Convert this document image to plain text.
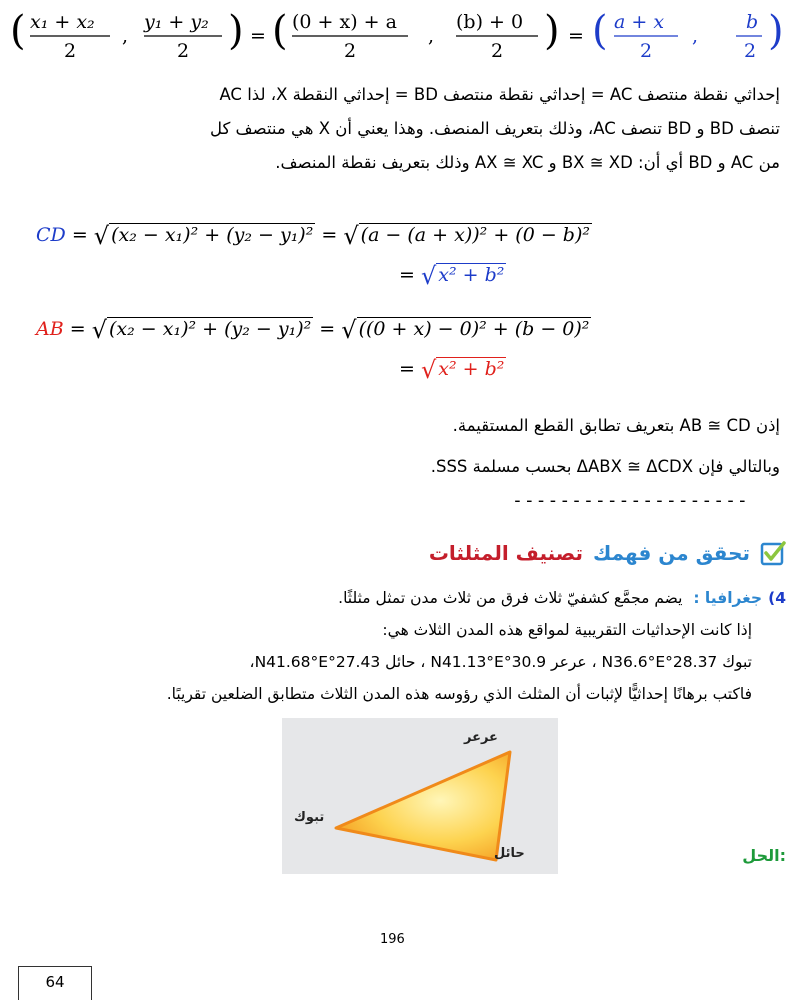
( x₁ + x₂
2
,
y₁ + y₂
2 ) = ( (0 + x) + a
2
,
(b) + 0
2 ) = ( a + x
2
,
b
2 )
إحداثي نقطة منتصف AC = إحداثي نقطة منتصف BD = إحداثي النقطة X، لذا AC
تنصف BD و BD تنصف AC، وذلك بتعريف المنصف. وهذا يعني أن X هي منتصف كل
من AC و BD أي أن: BX ≅ XD و AX ≅ XC وذلك بتعريف نقطة المنصف.
CD = √ (x₂ − x₁)² + (y₂ − y₁)² = √ (a − (a + x))² + (0 − b)²
= √ x² + b²
AB = √ (x₂ − x₁)² + (y₂ − y₁)² = √ ((0 + x) − 0)² + (b − 0)²
= √ x² + b²
إذن AB ≅ CD بتعريف تطابق القطع المستقيمة.
وبالتالي فإن ΔABX ≅ ΔCDX بحسب مسلمة SSS.
--------------------
تحقق من فهمك
تصنيف المثلثات
4)جغرافيا : يضم مجمَّع كشفيّ ثلاث فرق من ثلاث مدن تمثل مثلثًا.
إذا كانت الإحداثيات التقريبية لمواقع هذه المدن الثلاث هي:
تبوك 28.37°N36.6°E ، عرعر 30.9°N41.13°E ، حائل 27.43°N41.68°E،
فاكتب برهانًا إحداثيًّا لإثبات أن المثلث الذي رؤوسه هذه المدن الثلاث متطابق الضلعين تقريبًا.
عرعر
تبوك
حائل	الحل:
196
64
